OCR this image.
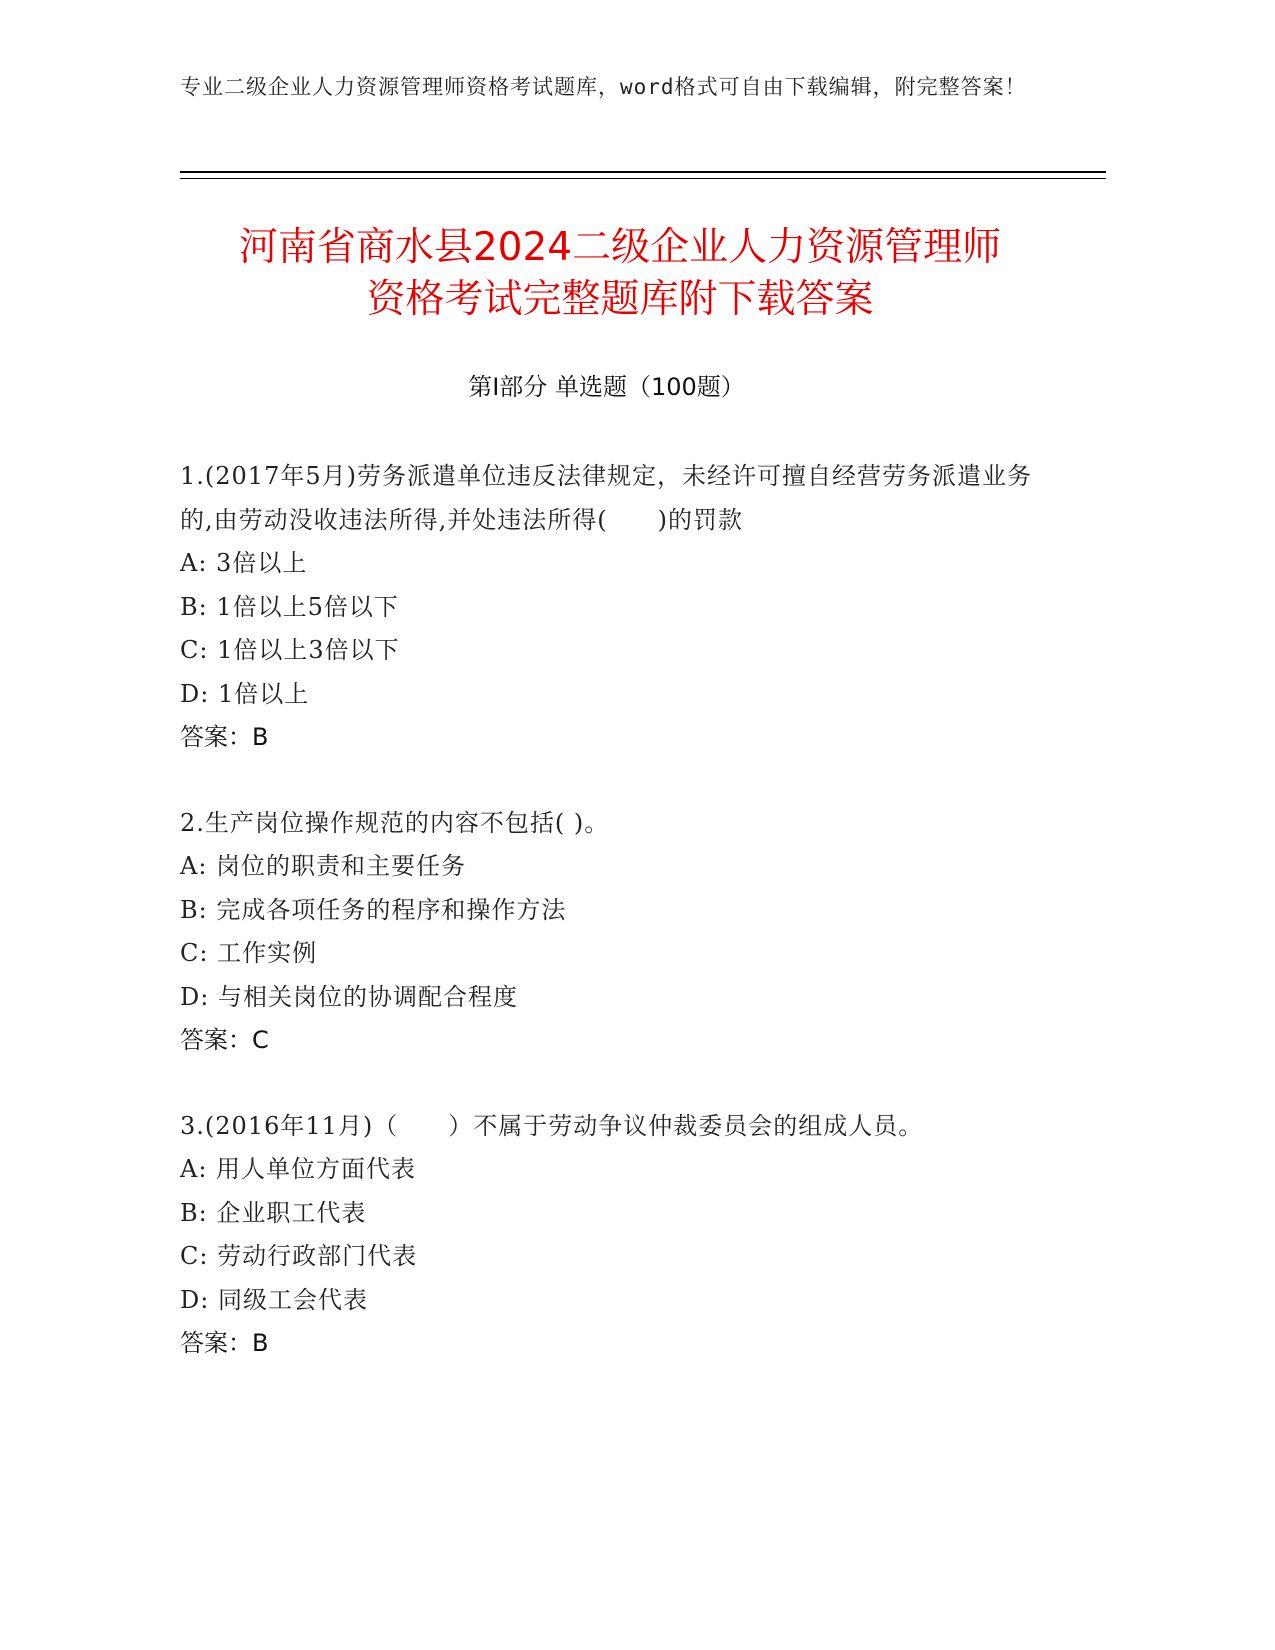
专业二级企业人力资源管理师资格考试题库，word格式可自由下载编辑，附完整答案！
河南省商水县2024二级企业人力资源管理师
资格考试完整题库附下载答案
第I部分 单选题（100题）
1.(2017年5月)劳务派遣单位违反法律规定，未经许可擅自经营劳务派遣业务的,由劳动没收违法所得,并处违法所得(　　)的罚款
A: 3倍以上
B: 1倍以上5倍以下
C: 1倍以上3倍以下
D: 1倍以上
答案：B
2.生产岗位操作规范的内容不包括( )。
A: 岗位的职责和主要任务
B: 完成各项任务的程序和操作方法
C: 工作实例
D: 与相关岗位的协调配合程度
答案：C
3.(2016年11月)（　　）不属于劳动争议仲裁委员会的组成人员。
A: 用人单位方面代表
B: 企业职工代表
C: 劳动行政部门代表
D: 同级工会代表
答案：B
